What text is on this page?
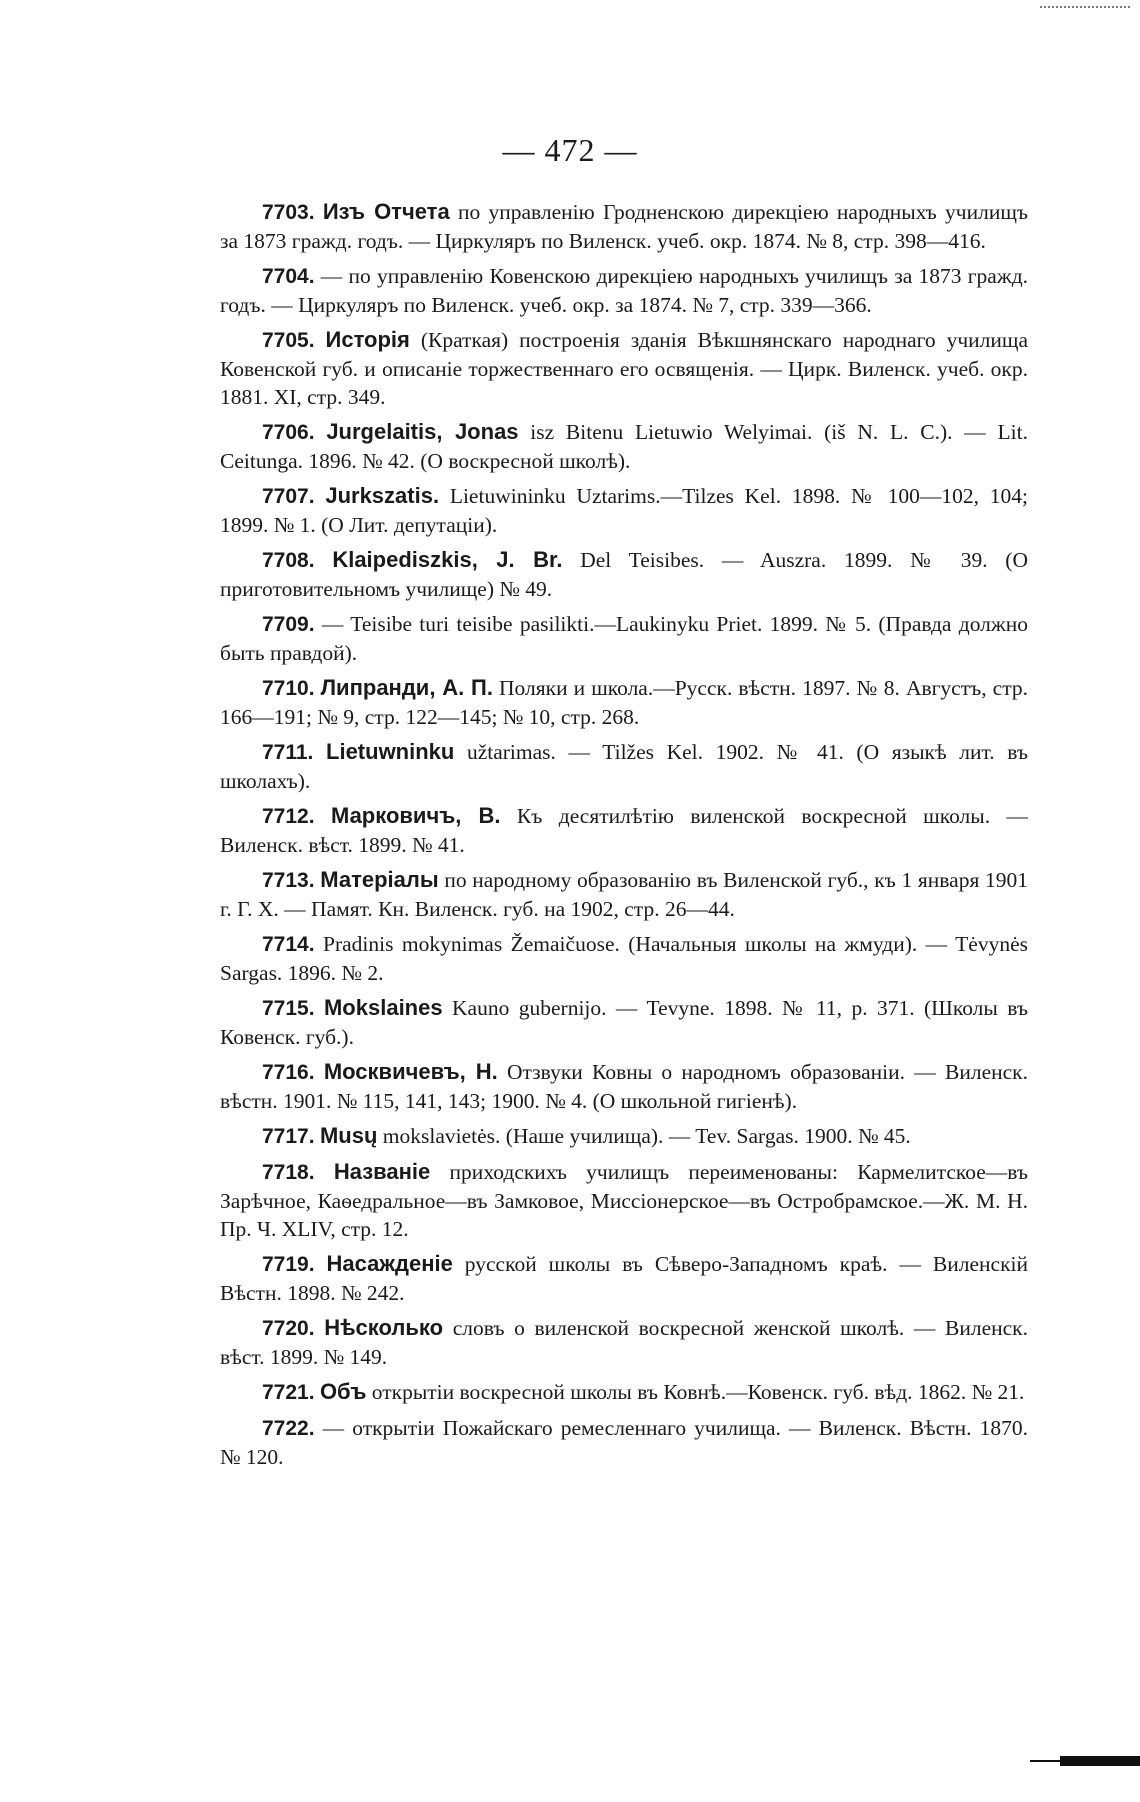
— 472 —

7703. Изъ Отчета по управленію Гродненскою дирекціею народныхъ училищъ за 1873 гражд. годъ. — Циркуляръ по Виленск. учеб. окр. 1874. № 8, стр. 398—416.

7704. — по управленію Ковенскою дирекціею народныхъ училищъ за 1873 гражд. годъ. — Циркуляръ по Виленск. учеб. окр. за 1874. № 7, стр. 339—366.

7705. Исторія (Краткая) построенія зданія Вѣкшнянскаго народнаго училища Ковенской губ. и описаніе торжественнаго его освященія. — Цирк. Виленск. учеб. окр. 1881. XI, стр. 349.

7706. Jurgelaitis, Jonas isz Bitenu Lietuwio Welyimai. (iš N. L. C.). — Lit. Ceitunga. 1896. № 42. (О воскресной школѣ).

7707. Jurkszatis. Lietuwininku Uztarims.—Tilzes Kel. 1898. № 100—102, 104; 1899. № 1. (О Лит. депутаціи).

7708. Klaipediszkis, J. Br. Del Teisibes. — Auszra. 1899. № 39. (О приготовительномъ училище) № 49.

7709. — Teisibe turi teisibe pasilikti.—Laukinyku Priet. 1899. № 5. (Правда должно быть правдой).

7710. Липранди, А. П. Поляки и школа.—Русск. вѣстн. 1897. № 8. Августъ, стр. 166—191; № 9, стр. 122—145; № 10, стр. 268.

7711. Lietuwninku užtarimas. — Tilžes Kel. 1902. № 41. (О языкѣ лит. въ школахъ).

7712. Марковичъ, В. Къ десятилѣтію виленской воскресной школы. — Виленск. вѣст. 1899. № 41.

7713. Матеріалы по народному образованію въ Виленской губ., къ 1 января 1901 г. Г. Х. — Памят. Кн. Виленск. губ. на 1902, стр. 26—44.

7714. Pradinis mokynimas Žemaičuose. (Начальныя школы на жмуди). — Tėvynės Sargas. 1896. № 2.

7715. Mokslaines Kauno gubernijo. — Tevyne. 1898. № 11, p. 371. (Школы въ Ковенск. губ.).

7716. Москвичевъ, Н. Отзвуки Ковны о народномъ образованіи. — Виленск. вѣстн. 1901. № 115, 141, 143; 1900. № 4. (О школьной гигіенѣ).

7717. Musų mokslavietės. (Наше училища). — Tev. Sargas. 1900. № 45.

7718. Названіе приходскихъ училищъ переименованы: Кармелитское—въ Зарѣчное, Каѳедральное—въ Замковое, Миссіонерское—въ Остробрамское.—Ж. М. Н. Пр. Ч. XLIV, стр. 12.

7719. Насажденіе русской школы въ Сѣверо-Западномъ краѣ. — Виленскій Вѣстн. 1898. № 242.

7720. Нѣсколько словъ о виленской воскресной женской школѣ. — Виленск. вѣст. 1899. № 149.

7721. Объ открытіи воскресной школы въ Ковнѣ.—Ковенск. губ. вѣд. 1862. № 21.

7722. — открытіи Пожайскаго ремесленнаго училища. — Виленск. Вѣстн. 1870. № 120.
